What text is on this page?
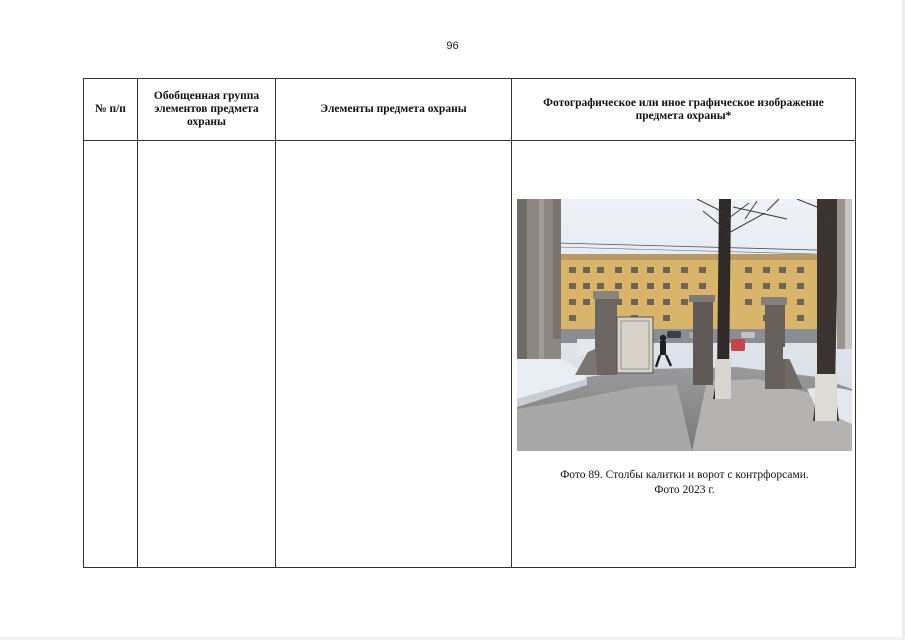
96
№ п/п
Обобщенная группа элементов предмета охраны
Элементы предмета охраны
Фотографическое или иное графическое изображение предмета охраны*
Фото 89. Столбы калитки и ворот с контрфорсами.
Фото 2023 г.
